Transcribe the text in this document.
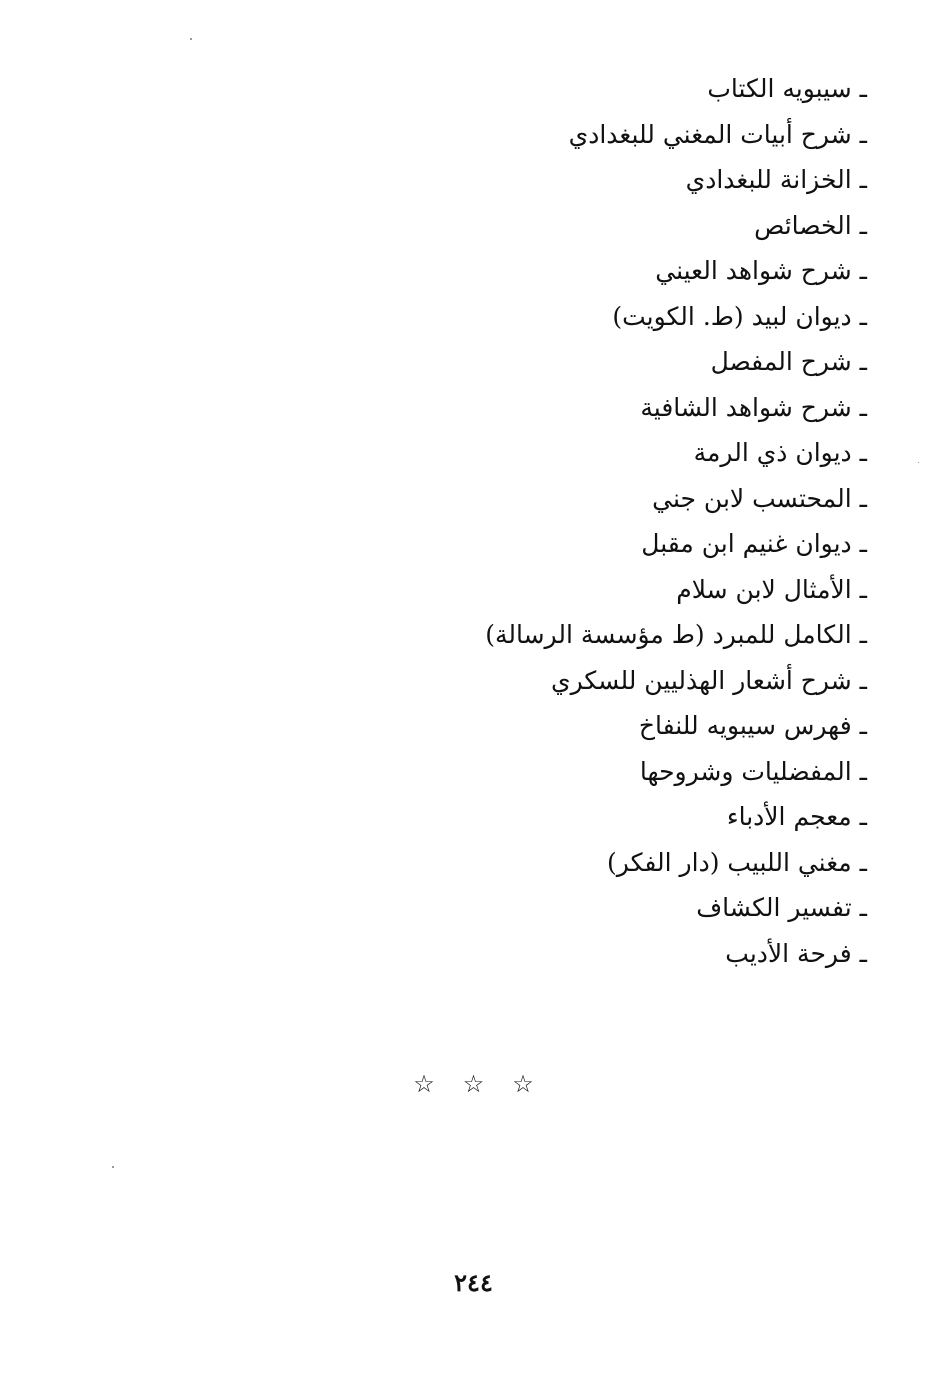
ـسيبويه الكتاب
ـشرح أبيات المغني للبغدادي
ـالخزانة للبغدادي
ـالخصائص
ـشرح شواهد العيني
ـديوان لبيد (ط. الكويت)
ـشرح المفصل
ـشرح شواهد الشافية
ـديوان ذي الرمة
ـالمحتسب لابن جني
ـديوان غنيم ابن مقبل
ـالأمثال لابن سلام
ـالكامل للمبرد (ط مؤسسة الرسالة)
ـشرح أشعار الهذليين للسكري
ـفهرس سيبويه للنفاخ
ـالمفضليات وشروحها
ـمعجم الأدباء
ـمغني اللبيب (دار الفكر)
ـتفسير الكشاف
ـفرحة الأديب
☆ ☆ ☆
٢٤٤
